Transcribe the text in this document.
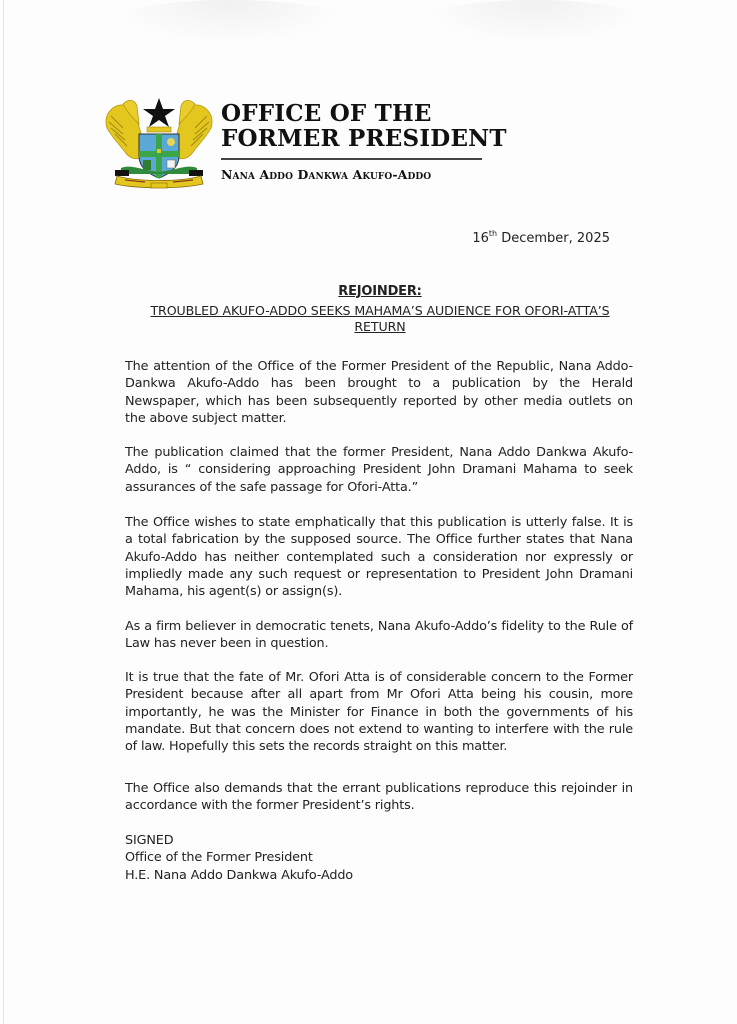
OFFICE OF THE
FORMER PRESIDENT
Nana Addo Dankwa Akufo-Addo
16th December, 2025
REJOINDER:
TROUBLED AKUFO-ADDO SEEKS MAHAMA’S AUDIENCE FOR OFORI-ATTA’S RETURN

The attention of the Office of the Former President of the Republic, Nana Addo-Dankwa Akufo-Addo has been brought to a publication by the Herald Newspaper, which has been subsequently reported by other media outlets on the above subject matter.

The publication claimed that the former President, Nana Addo Dankwa Akufo-Addo, is “ considering approaching President John Dramani Mahama to seek assurances of the safe passage for Ofori-Atta.”

The Office wishes to state emphatically that this publication is utterly false. It is a total fabrication by the supposed source. The Office further states that Nana Akufo-Addo has neither contemplated such a consideration nor expressly or impliedly made any such request or representation to President John Dramani Mahama, his agent(s) or assign(s).

As a firm believer in democratic tenets, Nana Akufo-Addo’s fidelity to the Rule of Law has never been in question.

It is true that the fate of Mr. Ofori Atta is of considerable concern to the Former President because after all apart from Mr Ofori Atta being his cousin, more importantly, he was the Minister for Finance in both the governments of his mandate. But that concern does not extend to wanting to interfere with the rule of law. Hopefully this sets the records straight on this matter.

The Office also demands that the errant publications reproduce this rejoinder in accordance with the former President’s rights.

SIGNED
Office of the Former President
H.E. Nana Addo Dankwa Akufo-Addo
